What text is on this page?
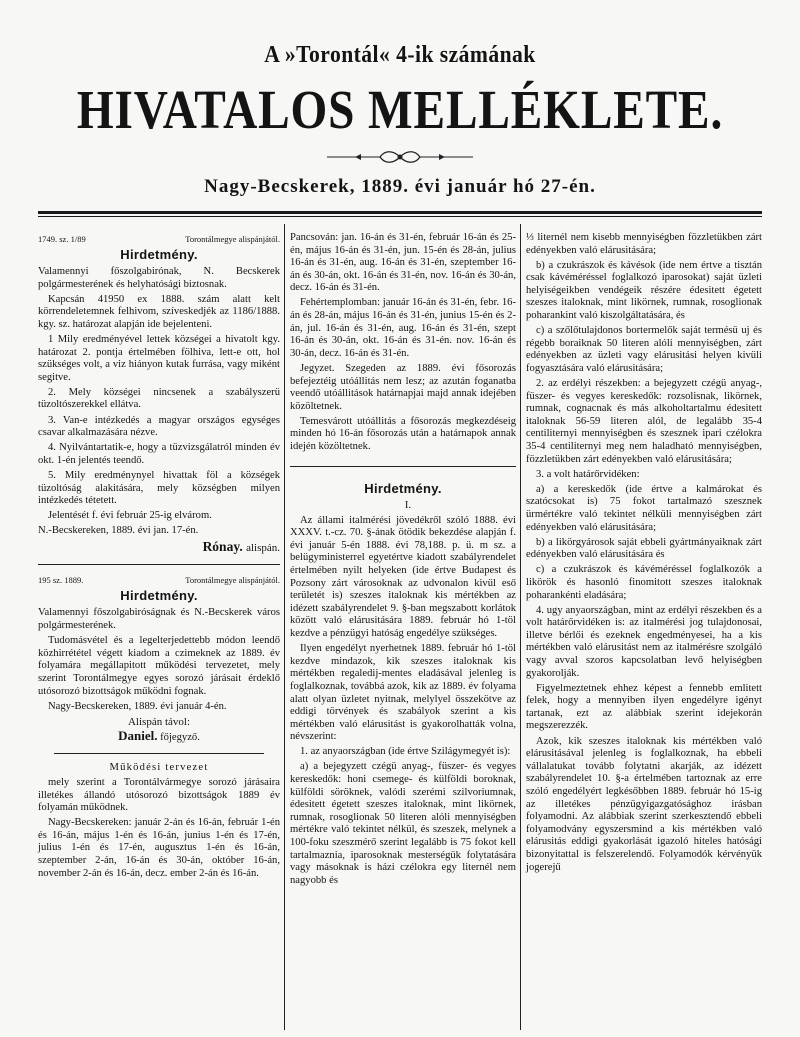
A »Torontál« 4-ik számának
HIVATALOS MELLÉKLETE.
Nagy-Becskerek, 1889. évi január hó 27-én.
1749. sz. 1/89	Torontálmegye alispánjától.
Hirdetmény.

Valamennyi főszolgabirónak, N. Becskerek polgármesterének és helyhatósági biztosnak.

Kapcsán 41950 ex 1888. szám alatt kelt körrendeletemnek felhivom, szíveskedjék az 1186/1888. kgy. sz. határozat alapján ide bejelenteni.

1 Mily eredményével lettek községei a hivatolt kgy. határozat 2. pontja értelmében fölhiva, lett-e ott, hol szükséges volt, a viz hiányon kutak furrása, vagy miként segitve.

2. Mely községei nincsenek a szabályszerü tüzoltószerekkel ellátva.

3. Van-e intézkedés a magyar országos egységes csavar alkalmazására nézve.

4. Nyilvántartatik-e, hogy a tüzvizsgálatról minden év okt. 1-én jelentés teendő.

5. Mily eredménynyel hivattak föl a községek tüzoltóság alakitására, mely községben milyen intézkedés tétetett.

Jelentését f. évi február 25-ig elvárom.

N.-Becskereken, 1889. évi jan. 17-én.

Rónay. alispán.
195 sz. 1889.	Torontálmegye alispánjától.
Hirdetmény.

Valamennyi főszolgabiróságnak és N.-Becskerek város polgármesterének.

Tudomásvétel és a legelterjedettebb módon leendő közhirrététel végett kiadom a czimeknek az 1889. év folyamára megállapitott működési tervezetet, mely szerint Torontálmegye egyes sorozó járásait érdeklő utósorozó bizottságok működni fognak.

Nagy-Becskereken, 1889. évi január 4-én.

Alispán távol:
Daniel. főjegyző.

Működési tervezet

mely szerint a Torontálvármegye sorozó járásaira illetékes állandó utósorozó bizottságok 1889 év folyamán működnek.

Nagy-Becskereken: január 2-án és 16-án, február 1-én és 16-án, május 1-én és 16-án, junius 1-én és 17-én, julius 1-én és 17-én, augusztus 1-én és 16-án, szeptember 2-án, 16-án és 30-án, október 16-án, november 2-án és 16-án, decz. ember 2-án és 16-án.

Pancsován: jan. 16-án és 31-én, február 16-án és 25-én, május 16-án és 31-én, jun. 15-én és 28-án, julius 16-án és 31-én, aug. 16-án és 31-én, szeptember 16-án és 30-án, okt. 16-án és 31-én, nov. 16-án és 30-án, decz. 16-án és 31-én.

Fehértemplomban: január 16-án és 31-én, febr. 16-án és 28-án, május 16-án és 31-én, junius 15-én és 2- án, jul. 16-án és 31-én, aug. 16-án és 31-én, szept 16-án és 30-án, okt. 16-án és 31-én. nov. 16-án és 30-án, decz. 16-án és 31-én.

Jegyzet. Szegeden az 1889. évi fősorozás befejeztéig utóállitás nem lesz; az azután foganatba veendő utóállitások határnapjai majd annak idejében közöltetnek.

Temesvárott utóállitás a fősorozás megkezdéseig minden hó 16-án fősorozás után a határnapok annak idején közöltetnek.

Hirdetmény.

I.

Az állami italmérési jövedékről szóló 1888. évi XXXV. t.-cz. 70. §-ának ötödik bekezdése alapján f. évi január 5-én 1888. évi 78,188. p. ü. m sz. a belügyministerrel egyetértve kiadott szabályrendelet értelmében nyilt helyeken (ide értve Budapest és Pozsony zárt városoknak az udvonalon kivül eső területét is) szeszes italoknak kis mértékben az idézett szabályrendelet 9. §-ban megszabott korlátok között való elárusitására 1889. február hó 1-töl kezdve a pénzügyi hatóság engedélye szükséges.

Ilyen engedélyt nyerhetnek 1889. február hó 1-töl kezdve mindazok, kik szeszes italoknak kis mértékben regaledij-mentes eladásával jelenleg is foglalkoznak, továbbá azok, kik az 1889. év folyama alatt olyan üzletet nyitnak, melylyel összekötve az eddigi törvények és szabályok szerint a kis mértékben való elárusitást is gyakorolhatták volna, névszerint:

1. az anyaországban (ide értve Szilágymegyét is):

a) a bejegyzett czégü anyag-, füszer- és vegyes kereskedők: honi csemege- és külföldi boroknak, külföldi söröknek, valódi szerémi szilvoriumnak, édesitett égetett szeszes italoknak, mint likörnek, rumnak, rosoglionak 50 literen alóli mennyiségben mértékre való tekintet nélkül, és szeszek, melynek a 100-foku szeszmérő szerint legalább is 75 fokot kell tartalmaznia, iparosoknak mesterségük folytatására vagy másoknak is házi czélokra egy liternél nem nagyobb és

⅓ liternél nem kisebb mennyiségben fözzletükben zárt edényekben való elárusitására;

b) a czukrászok és kávésok (ide nem értve a tisztán csak kávéméréssel foglalkozó iparosokat) saját üzleti helyiségeikben vendégeik részére édesitett égetett szeszes italoknak, mint likörnek, rumnak, rosoglionak poharankint való kiszolgáltatására, és

c) a szőlőtulajdonos bortermelők saját termésü uj és régebb boraiknak 50 literen alóli mennyiségben, zárt edényekben az üzleti vagy elárusitási helyen kivüli fogyasztására való elárusitására;

2. az erdélyi részekben: a bejegyzett czégü anyag-, füszer- és vegyes kereskedők: rozsolisnak, likörnek, rumnak, cognacnak és más alkoholtartalmu édesitett italoknak 56-59 literen alól, de legalább 35-4 centiliternyi mennyiségben és szesznek ipari czélokra 35-4 centiliternyi meg nem haladható mennyiségben, fözzletükben zárt edényekben való elárusitására;

3. a volt határőrvidéken:

a) a kereskedők (ide értve a kalmárokat és szatócsokat is) 75 fokot tartalmazó szesznek ürmértékre való tekintet nélküli mennyiségben zárt edényekben való elárusitására;

b) a likörgyárosok saját ebbeli gyártmányaiknak zárt edényekben való elárusitására és

c) a czukrászok és kávéméréssel foglalkozók a likörök és hasonló finomitott szeszes italoknak poharankénti eladására;

4. ugy anyaországban, mint az erdélyi részekben és a volt határőrvidéken is: az italmérési jog tulajdonosai, illetve bérlői és ezeknek engedményesei, ha a kis mértékben való elárusitást nem az italmérésre szolgáló vagy avval szoros kapcsolatban levő helyiségben gyakorolják.

Figyelmeztetnek ehhez képest a fennebb emlitett felek, hogy a mennyiben ilyen engedélyre igényt tartanak, ezt az alábbiak szerint idejekorán megszerezzék.

Azok, kik szeszes italoknak kis mértékben való elárusitásával jelenleg is foglalkoznak, ha ebbeli vállalatukat tovább folytatni akarják, az idézett szabályrendelet 10. §-a értelmében tartoznak az erre szóló engedélyért legkésőbben 1889. február hó 15-ig az illetékes pénzügyigazgatósághoz irásban folyamodni. Az alábbiak szerint szerkesztendő ebbeli folyamodvány egyszersmind a kis mértékben való elárusitás eddigi gyakorlását igazoló hiteles hatósági bizonyitattal is felszerelendő. Folyamodók kérvényük jogerejű
